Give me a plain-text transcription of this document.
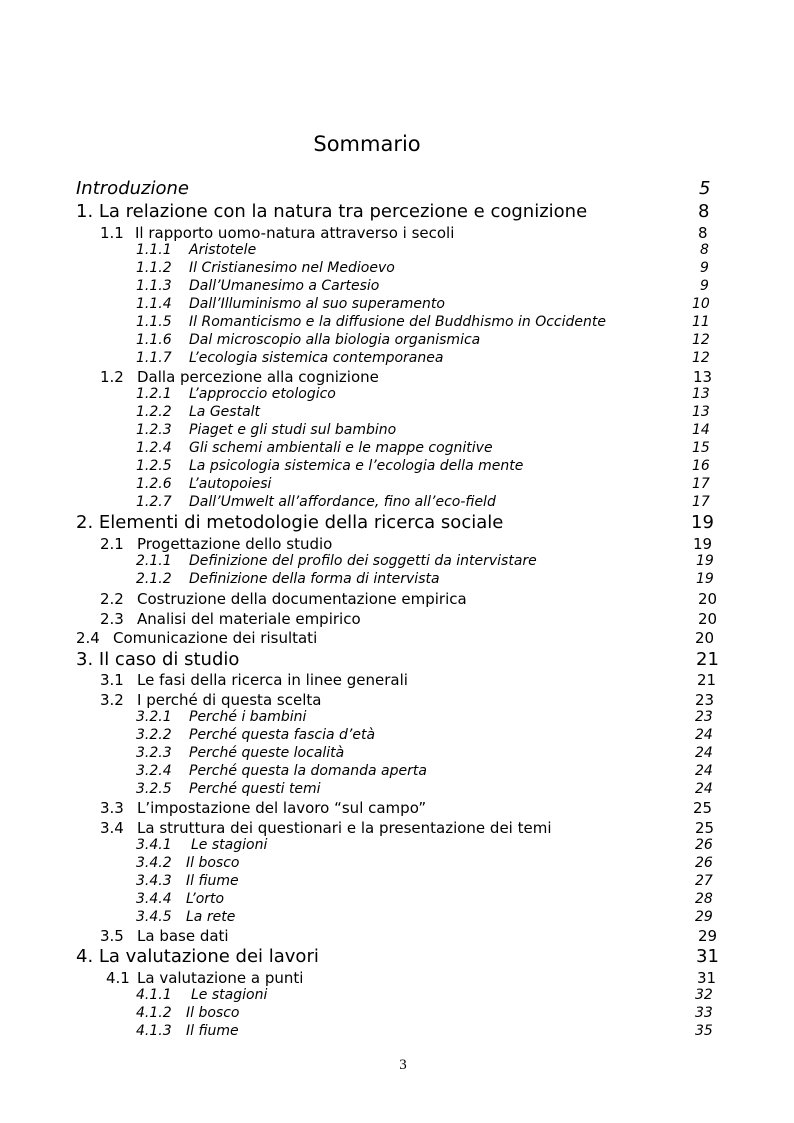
Sommario
Introduzione	5
1. La relazione con la natura tra percezione e cognizione	8
1.1 Il rapporto uomo-natura attraverso i secoli	8
1.1.1 Aristotele	8
1.1.2 Il Cristianesimo nel Medioevo	9
1.1.3 Dall’Umanesimo a Cartesio	9
1.1.4 Dall’Illuminismo al suo superamento	10
1.1.5 Il Romanticismo e la diffusione del Buddhismo in Occidente	11
1.1.6 Dal microscopio alla biologia organismica	12
1.1.7 L’ecologia sistemica contemporanea	12
1.2 Dalla percezione alla cognizione	13
1.2.1 L’approccio etologico	13
1.2.2 La Gestalt	13
1.2.3 Piaget e gli studi sul bambino	14
1.2.4 Gli schemi ambientali e le mappe cognitive	15
1.2.5 La psicologia sistemica e l’ecologia della mente	16
1.2.6 L’autopoiesi	17
1.2.7 Dall’Umwelt all’affordance, fino all’eco-field	17
2. Elementi di metodologie della ricerca sociale	19
2.1 Progettazione dello studio	19
2.1.1 Definizione del profilo dei soggetti da intervistare	19
2.1.2 Definizione della forma di intervista	19
2.2 Costruzione della documentazione empirica	20
2.3 Analisi del materiale empirico	20
2.4 Comunicazione dei risultati	20
3. Il caso di studio	21
3.1 Le fasi della ricerca in linee generali	21
3.2 I perché di questa scelta	23
3.2.1 Perché i bambini	23
3.2.2 Perché questa fascia d’età	24
3.2.3 Perché queste località	24
3.2.4 Perché questa la domanda aperta	24
3.2.5 Perché questi temi	24
3.3 L’impostazione del lavoro “sul campo”	25
3.4 La struttura dei questionari e la presentazione dei temi	25
3.4.1 Le stagioni	26
3.4.2 Il bosco	26
3.4.3 Il fiume	27
3.4.4 L’orto	28
3.4.5 La rete	29
3.5 La base dati	29
4. La valutazione dei lavori	31
4.1 La valutazione a punti	31
4.1.1 Le stagioni	32
4.1.2 Il bosco	33
4.1.3 Il fiume	35
3
